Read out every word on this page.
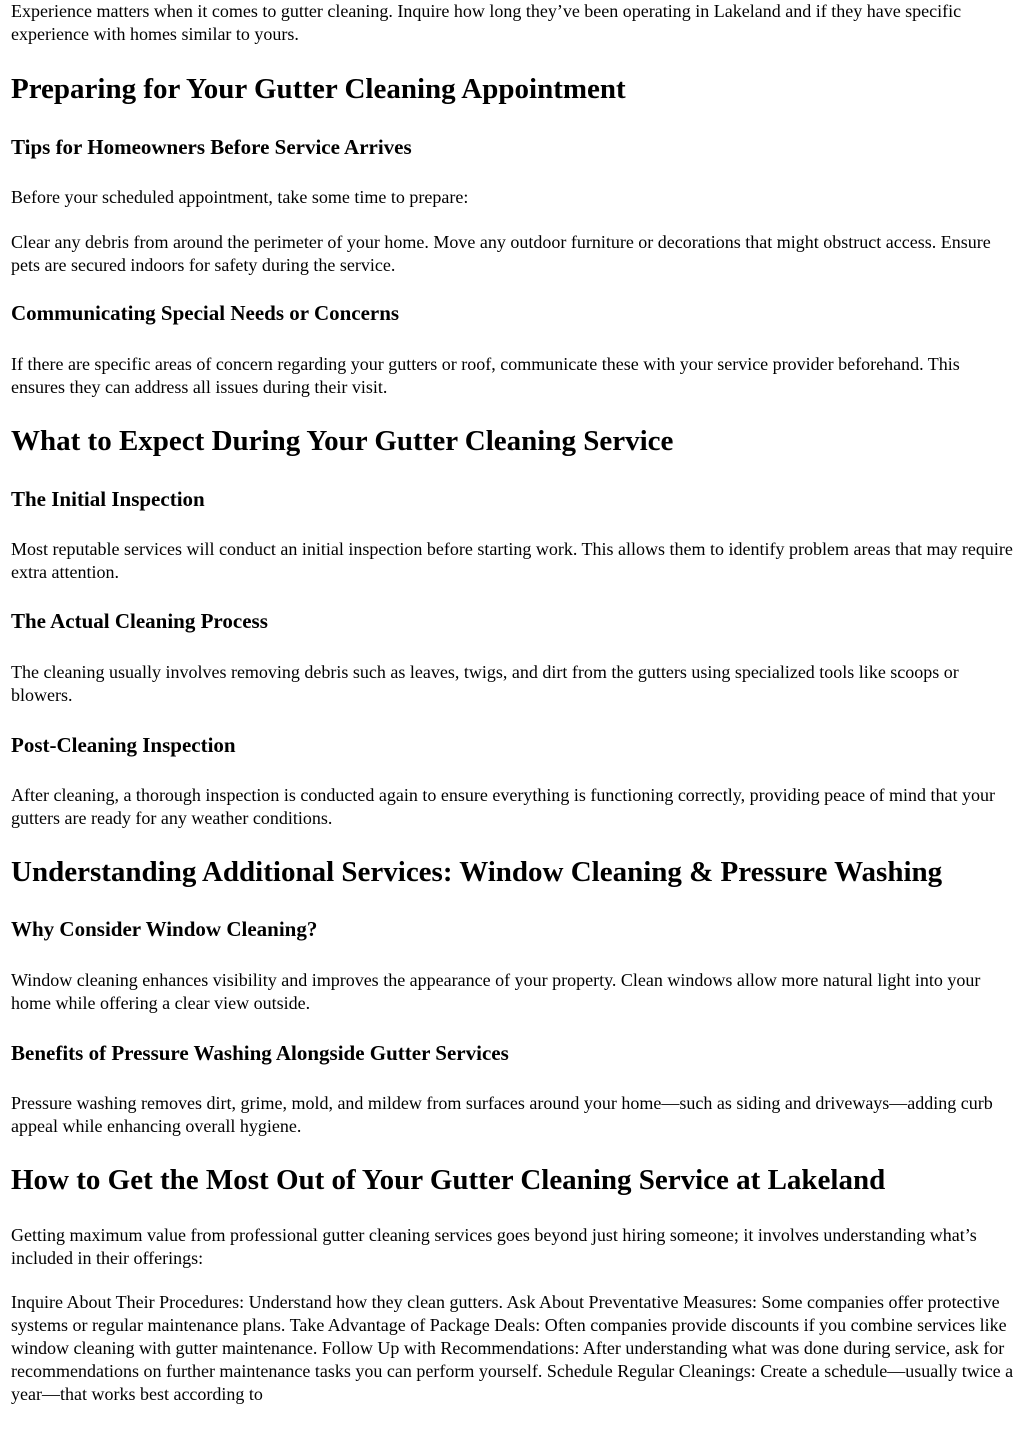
Experience matters when it comes to gutter cleaning. Inquire how long they’ve been operating in Lakeland and if they have specific experience with homes similar to yours.

Preparing for Your Gutter Cleaning Appointment
Tips for Homeowners Before Service Arrives

Before your scheduled appointment, take some time to prepare:

Clear any debris from around the perimeter of your home. Move any outdoor furniture or decorations that might obstruct access. Ensure pets are secured indoors for safety during the service.

Communicating Special Needs or Concerns

If there are specific areas of concern regarding your gutters or roof, communicate these with your service provider beforehand. This ensures they can address all issues during their visit.

What to Expect During Your Gutter Cleaning Service
The Initial Inspection

Most reputable services will conduct an initial inspection before starting work. This allows them to identify problem areas that may require extra attention.

The Actual Cleaning Process

The cleaning usually involves removing debris such as leaves, twigs, and dirt from the gutters using specialized tools like scoops or blowers.

Post-Cleaning Inspection

After cleaning, a thorough inspection is conducted again to ensure everything is functioning correctly, providing peace of mind that your gutters are ready for any weather conditions.

Understanding Additional Services: Window Cleaning & Pressure Washing
Why Consider Window Cleaning?

Window cleaning enhances visibility and improves the appearance of your property. Clean windows allow more natural light into your home while offering a clear view outside.

Benefits of Pressure Washing Alongside Gutter Services

Pressure washing removes dirt, grime, mold, and mildew from surfaces around your home—such as siding and driveways—adding curb appeal while enhancing overall hygiene.

How to Get the Most Out of Your Gutter Cleaning Service at Lakeland

Getting maximum value from professional gutter cleaning services goes beyond just hiring someone; it involves understanding what’s included in their offerings:

Inquire About Their Procedures: Understand how they clean gutters. Ask About Preventative Measures: Some companies offer protective systems or regular maintenance plans. Take Advantage of Package Deals: Often companies provide discounts if you combine services like window cleaning with gutter maintenance. Follow Up with Recommendations: After understanding what was done during service, ask for recommendations on further maintenance tasks you can perform yourself. Schedule Regular Cleanings: Create a schedule—usually twice a year—that works best according to
